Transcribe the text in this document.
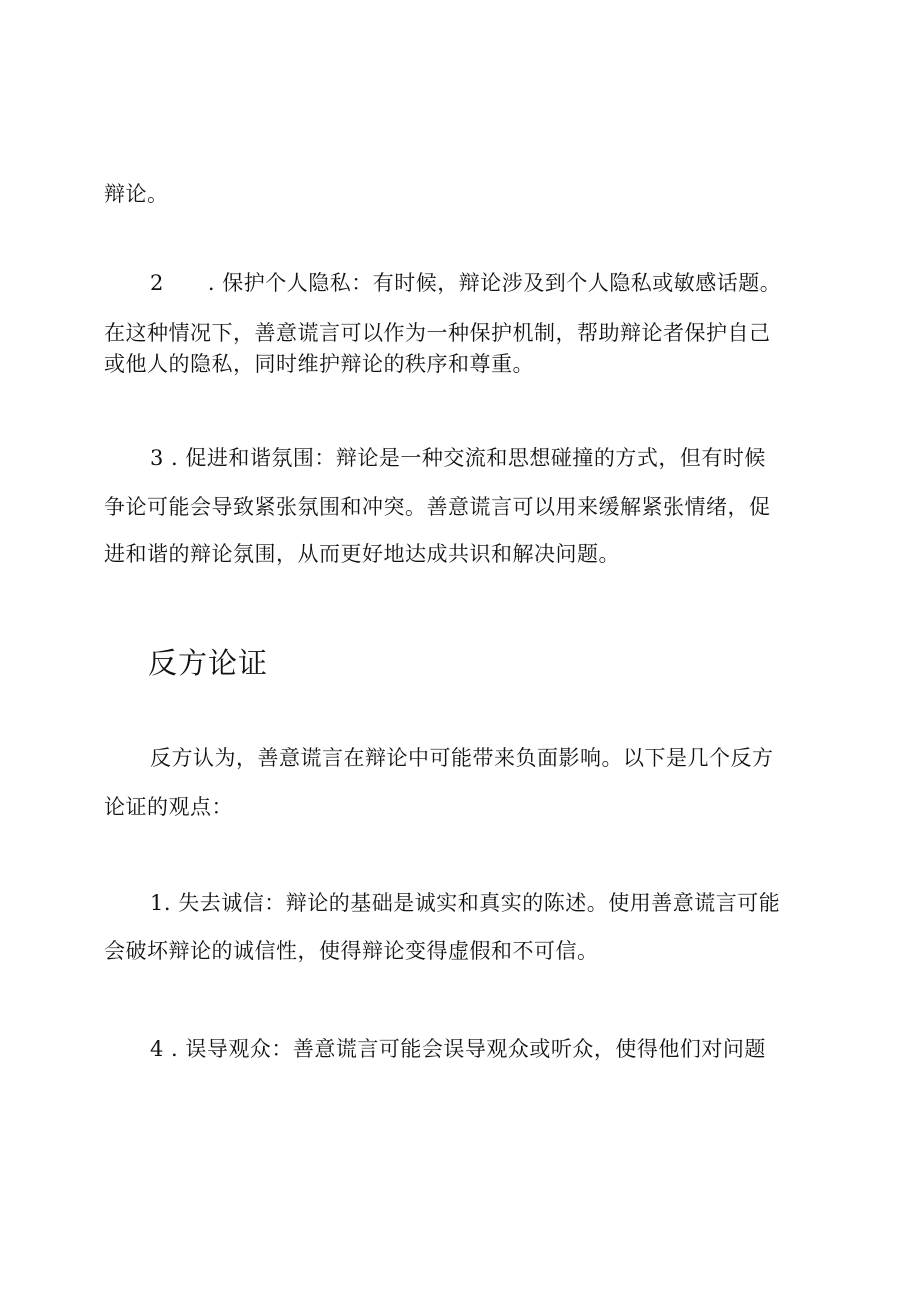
辩论。
2 . 保护个人隐私：有时候，辩论涉及到个人隐私或敏感话题。
在这种情况下，善意谎言可以作为一种保护机制，帮助辩论者保护自己
或他人的隐私，同时维护辩论的秩序和尊重。
3 . 促进和谐氛围：辩论是一种交流和思想碰撞的方式，但有时候
争论可能会导致紧张氛围和冲突。善意谎言可以用来缓解紧张情绪，促
进和谐的辩论氛围，从而更好地达成共识和解决问题。
反方论证
反方认为，善意谎言在辩论中可能带来负面影响。以下是几个反方
论证的观点：
1. 失去诚信：辩论的基础是诚实和真实的陈述。使用善意谎言可能
会破坏辩论的诚信性，使得辩论变得虚假和不可信。
4 . 误导观众：善意谎言可能会误导观众或听众，使得他们对问题
